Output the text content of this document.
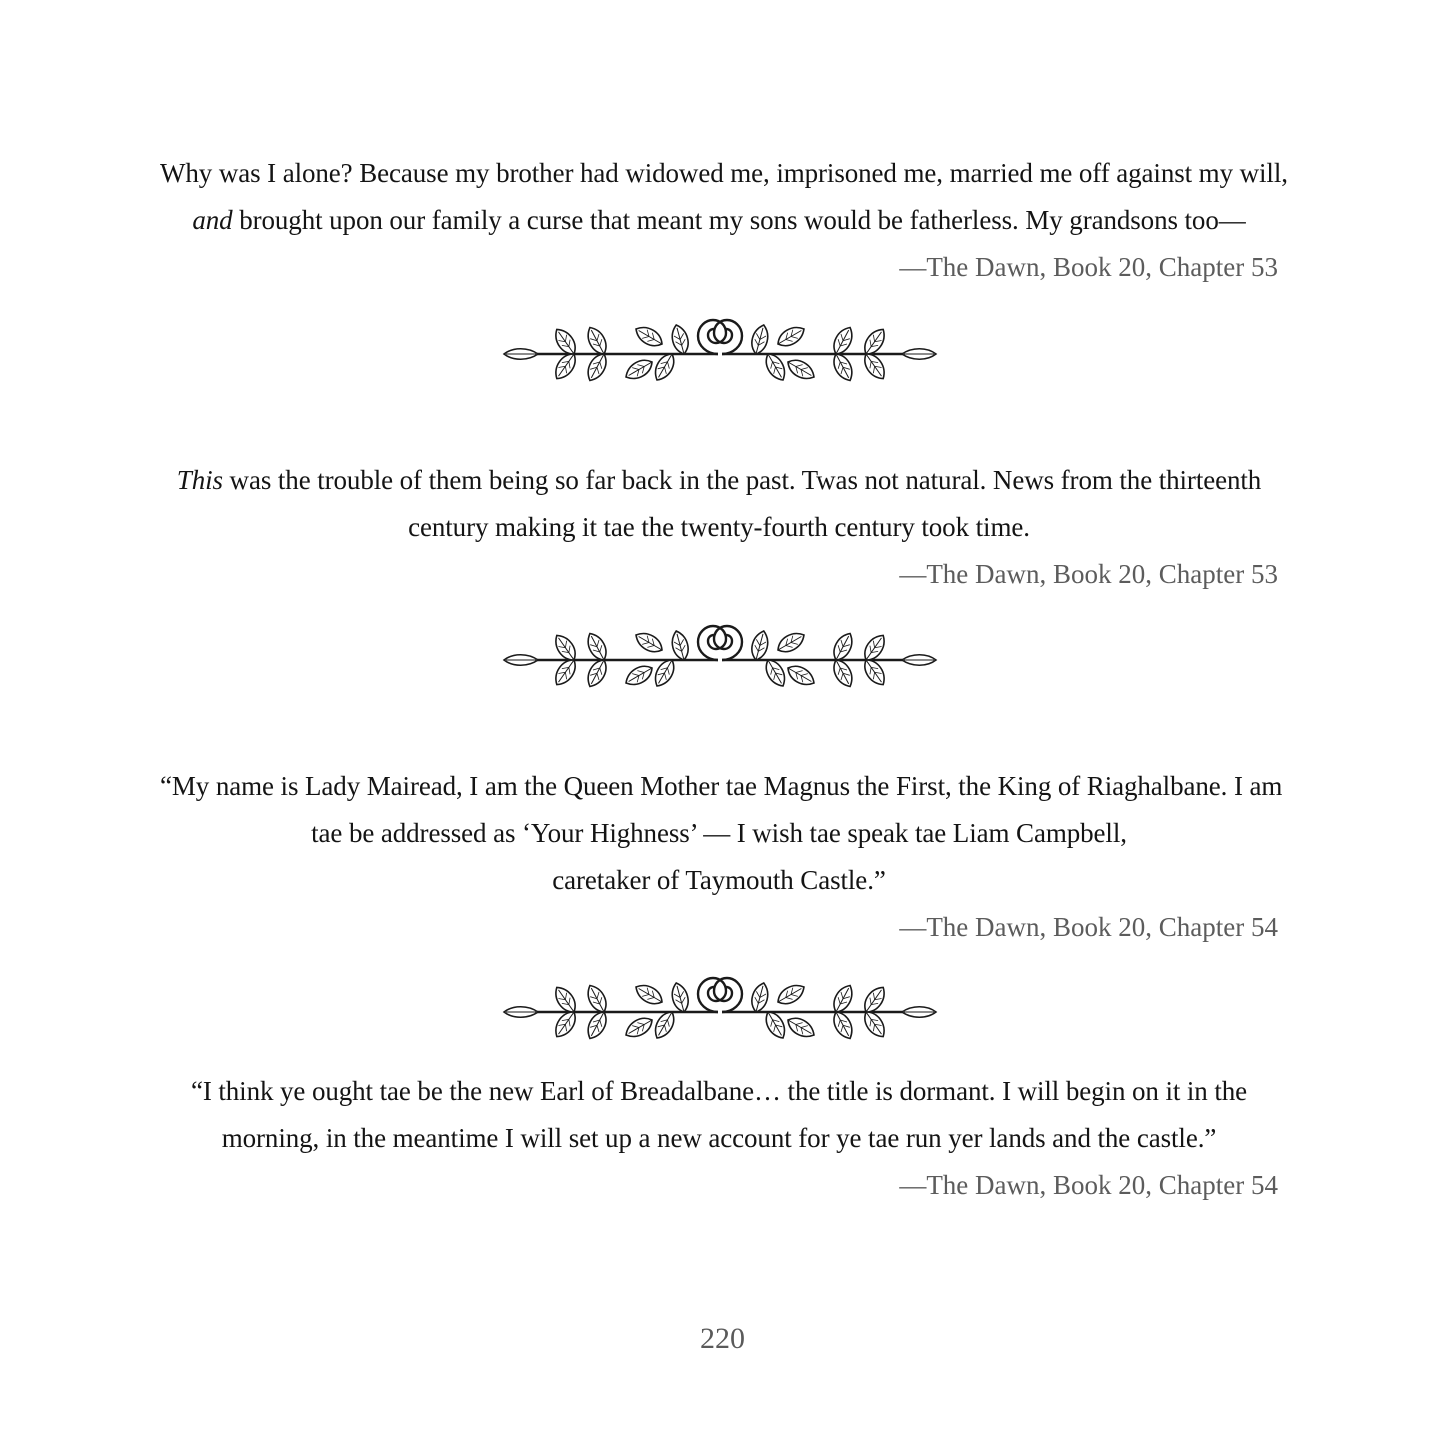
Why was I alone? Because my brother had widowed me, imprisoned me, married me off against my will,
and brought upon our family a curse that meant my sons would be fatherless. My grandsons too—

—The Dawn, Book 20, Chapter 53

This was the trouble of them being so far back in the past. Twas not natural. News from the thirteenth
century making it tae the twenty-fourth century took time.

—The Dawn, Book 20, Chapter 53

“My name is Lady Mairead, I am the Queen Mother tae Magnus the First, the King of Riaghalbane. I am
tae be addressed as ‘Your Highness’ — I wish tae speak tae Liam Campbell,
caretaker of Taymouth Castle.”

—The Dawn, Book 20, Chapter 54

“I think ye ought tae be the new Earl of Breadalbane… the title is dormant. I will begin on it in the
morning, in the meantime I will set up a new account for ye tae run yer lands and the castle.”

—The Dawn, Book 20, Chapter 54
220
